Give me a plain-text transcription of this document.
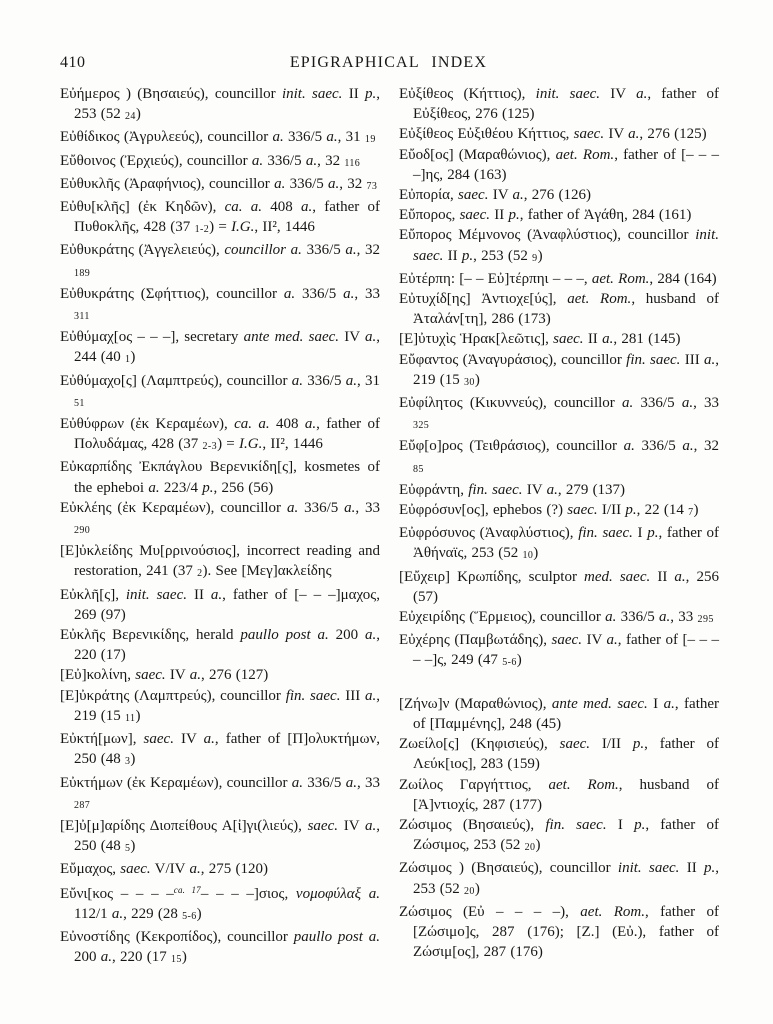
410	EPIGRAPHICAL INDEX

Εὐήμερος ) (Βησαιεύς), councillor init. saec. II p., 253 (52 24)

Εὐθίδικος (Ἀγρυλεεύς), councillor a. 336/5 a., 31 19

Εὔθοινος (Ἐρχιεύς), councillor a. 336/5 a., 32 116

Εὐθυκλῆς (Ἀραφήνιος), councillor a. 336/5 a., 32 73

Εὐθυ[κλῆς] (ἐκ Κηδῶν), ca. a. 408 a., father of Πυθοκλῆς, 428 (37 1-2) = I.G., II², 1446

Εὐθυκράτης (Ἀγγελειεύς), councillor a. 336/5 a., 32 189

Εὐθυκράτης (Σφήττιος), councillor a. 336/5 a., 33 311

Εὐθύμαχ[ος – – –], secretary ante med. saec. IV a., 244 (40 1)

Εὐθύμαχο[ς] (Λαμπτρεύς), councillor a. 336/5 a., 31 51

Εὐθύφρων (ἐκ Κεραμέων), ca. a. 408 a., father of Πολυδάμας, 428 (37 2-3) = I.G., II², 1446

Εὐκαρπίδης Ἐκπάγλου Βερενικίδη[ς], kosmetes of the epheboi a. 223/4 p., 256 (56)

Εὐκλέης (ἐκ Κεραμέων), councillor a. 336/5 a., 33 290

[Ε]ὐκλείδης Μυ[ρρινούσιος], incorrect reading and restoration, 241 (37 2). See [Μεγ]ακλείδης

Εὐκλῆ[ς], init. saec. II a., father of [– – –]μαχος, 269 (97)

Εὐκλῆς Βερενικίδης, herald paullo post a. 200 a., 220 (17)

[Εὐ]κολίνη, saec. IV a., 276 (127)

[Ε]ὐκράτης (Λαμπτρεύς), councillor fin. saec. III a., 219 (15 11)

Εὐκτή[μων], saec. IV a., father of [Π]ολυκτήμων, 250 (48 3)

Εὐκτήμων (ἐκ Κεραμέων), councillor a. 336/5 a., 33 287

[Ε]ὐ[μ]αρίδης Διοπείθους Α[ἰ]γι(λιεύς), saec. IV a., 250 (48 5)

Εὔμαχος, saec. V/IV a., 275 (120)

Εὔνι[κος – – – –$^{ca. 17}$– – – –]σιος, νομοφύλαξ a. 112/1 a., 229 (28 5-6)

Εὐνοστίδης (Κεκροπίδος), councillor paullo post a. 200 a., 220 (17 15)

Εὐξίθεος (Κήττιος), init. saec. IV a., father of Εὐξίθεος, 276 (125)

Εὐξίθεος Εὐξιθέου Κήττιος, saec. IV a., 276 (125)

Εὔοδ[ος] (Μαραθώνιος), aet. Rom., father of [– – – –]ης, 284 (163)

Εὐπορία, saec. IV a., 276 (126)

Εὔπορος, saec. II p., father of Ἀγάθη, 284 (161)

Εὔπορος Μέμνονος (Ἀναφλύστιος), councillor init. saec. II p., 253 (52 9)

Εὐτέρπη: [– – Εὐ]τέρπηι – – –, aet. Rom., 284 (164)

Εὐτυχίδ[ης] Ἀντιοχε[ύς], aet. Rom., husband of Ἀταλάν[τη], 286 (173)

[Ε]ὐτυχὶς Ἡρακ[λεῶτις], saec. II a., 281 (145)

Εὔφαντος (Ἀναγυράσιος), councillor fin. saec. III a., 219 (15 30)

Εὐφίλητος (Κικυννεύς), councillor a. 336/5 a., 33 325

Εὔφ[ο]ρος (Τειθράσιος), councillor a. 336/5 a., 32 85

Εὐφράντη, fin. saec. IV a., 279 (137)

Εὐφρόσυν[ος], ephebos (?) saec. I/II p., 22 (14 7)

Εὐφρόσυνος (Ἀναφλύστιος), fin. saec. I p., father of Ἀθήναϊς, 253 (52 10)

[Εὔχειρ] Κρωπίδης, sculptor med. saec. II a., 256 (57)

Εὐχειρίδης (Ἕρμειος), councillor a. 336/5 a., 33 295

Εὐχέρης (Παμβωτάδης), saec. IV a., father of [– – – – –]ς, 249 (47 5-6)

[Ζήνω]ν (Μαραθώνιος), ante med. saec. I a., father of [Παμμένης], 248 (45)

Ζωείλο[ς] (Κηφισιεύς), saec. I/II p., father of Λεύκ[ιος], 283 (159)

Ζωίλος Γαργήττιος, aet. Rom., husband of [Ἀ]ντιοχίς, 287 (177)

Ζώσιμος (Βησαιεύς), fin. saec. I p., father of Ζώσιμος, 253 (52 20)

Ζώσιμος ) (Βησαιεύς), councillor init. saec. II p., 253 (52 20)

Ζώσιμος (Εὐ – – – –), aet. Rom., father of [Ζώσιμο]ς, 287 (176); [Z.] (Εὐ.), father of Ζώσιμ[ος], 287 (176)
